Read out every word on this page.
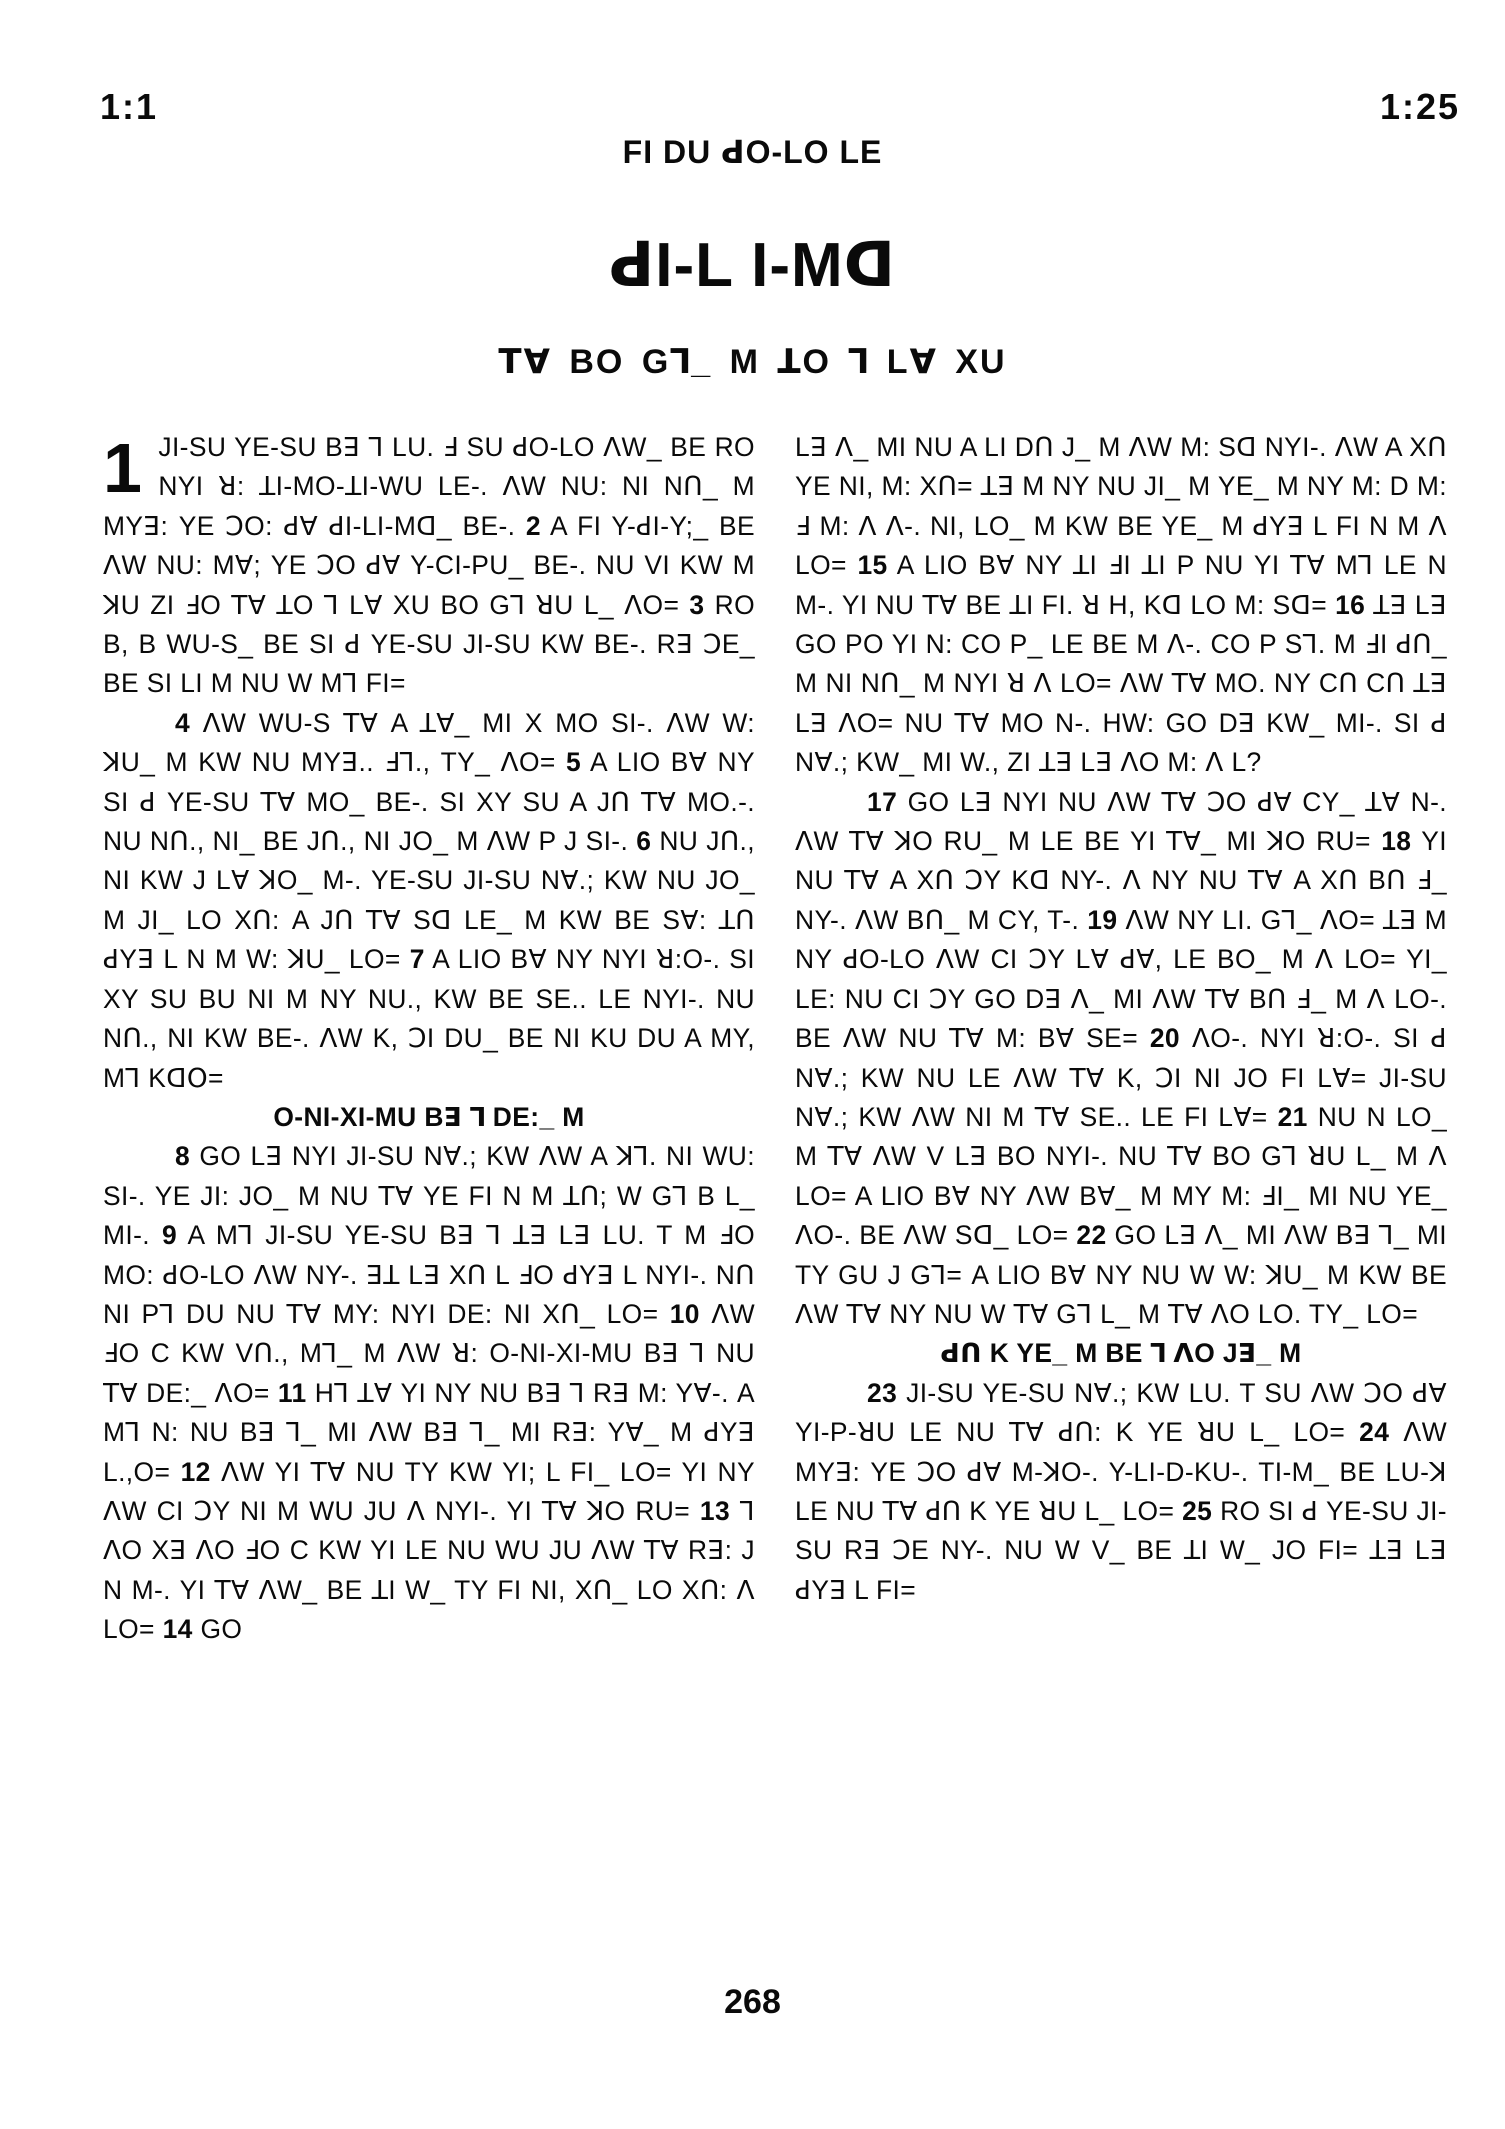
1:1	1:25
FI DU ꓒO-LO LE
ꓒI-L I-Mꓷ
ꓔꓯ BO Gꓶ_ M ꓕO ꓶ Lꓯ XU

1 JI-SU YE-SU Bꓱ ꓶ LU. ꓞ SU ꓒO-LO ꓥW_ BE RO NYI ꓤ: ꓕI-MO-ꓕI-WU LE-. ꓥW NU: NI Nꓵ_ M MYꓱ: YE ꓛO: ꓒꓯ ꓒI-LI-Mꓷ_ BE-. 2 A FI Y-ꓒI-Y;_ BE ꓥW NU: Mꓯ; YE ꓛO ꓒꓯ Y-CI-PU_ BE-. NU VI KW M ꓘU ZI ꓞO ꓔꓯ ꓕO ꓶ Lꓯ XU BO Gꓶ ꓤU L_ ꓥO= 3 RO B, B WU-S_ BE SI ꓒ YE-SU JI-SU KW BE-. Rꓱ ꓛE_ BE SI LI M NU W Mꓶ FI=

4 ꓥW WU-S ꓔꓯ A ꓕꓯ_ MI X MO SI-. ꓥW W: ꓘU_ M KW NU MYꓱ.. ꓞꓶ., TY_ ꓥO= 5 A LIO Bꓯ NY SI ꓒ YE-SU ꓔꓯ MO_ BE-. SI XY SU A Jꓵ ꓔꓯ MO.-. NU Nꓵ., NI_ BE Jꓵ., NI JO_ M ꓥW P J SI-. 6 NU Jꓵ., NI KW J Lꓯ ꓘO_ M-. YE-SU JI-SU Nꓯ.; KW NU JO_ M JI_ LO Xꓵ: A Jꓵ ꓔꓯ Sꓷ LE_ M KW BE Sꓯ: ꓕꓵ ꓒYꓱ L N M W: ꓘU_ LO= 7 A LIO Bꓯ NY NYI ꓤ:O-. SI XY SU BU NI M NY NU., KW BE SE.. LE NYI-. NU Nꓵ., NI KW BE-. ꓥW K, ꓛI DU_ BE NI KU DU A MY, Mꓶ Kꓷꓳ=

O-NI-XI-MU Bꓱ ꓶ DE:_ M

8 GO Lꓱ NYI JI-SU Nꓯ.; KW ꓥW A ꓘꓶ. NI WU: SI-. YE JI: JO_ M NU ꓔꓯ YE FI N M ꓕꓵ; W Gꓶ B L_ MI-. 9 A Mꓶ JI-SU YE-SU Bꓱ ꓶ ꓕꓱ Lꓱ LU. T M ꓞO MO: ꓒO-LO ꓥW NY-. ꓱꓕ Lꓱ Xꓵ L ꓞO ꓒYꓱ L NYI-. Nꓵ NI Pꓶ DU NU ꓔꓯ MY: NYI DE: NI Xꓵ_ LO= 10 ꓥW ꓞO C KW Vꓵ., Mꓶ_ M ꓥW ꓤ: O-NI-XI-MU Bꓱ ꓶ NU ꓔꓯ DE:_ ꓥO= 11 Hꓶ ꓕꓯ YI NY NU Bꓱ ꓶ Rꓱ M: Yꓯ-. A Mꓶ N: NU Bꓱ ꓶ_ MI ꓥW Bꓱ ꓶ_ MI Rꓱ: Yꓯ_ M ꓒYꓱ L.,O= 12 ꓥW YI ꓔꓯ NU TY KW YI; L FI_ LO= YI NY ꓥW CI ꓛY NI M WU JU ꓥ NYI-. YI ꓔꓯ ꓘO RU= 13 ꓶ ꓥO Xꓱ ꓥO ꓞO C KW YI LE NU WU JU ꓥW ꓔꓯ Rꓱ: J N M-. YI ꓔꓯ ꓥW_ BE ꓕI W_ TY FI NI, Xꓵ_ LO Xꓵ: ꓥ LO= 14 GO

Lꓱ ꓥ_ MI NU A LI Dꓵ J_ M ꓥW M: Sꓷ NYI-. ꓥW A Xꓵ YE NI, M: Xꓵ= ꓕꓱ M NY NU JI_ M YE_ M NY M: D M: ꓞ M: ꓥ ꓥ-. NI, LO_ M KW BE YE_ M ꓒYꓱ L FI N M ꓥ LO= 15 A LIO Bꓯ NY ꓕI ꓞI ꓕI P NU YI ꓔꓯ Mꓶ LE N M-. YI NU ꓔꓯ BE ꓕI FI. ꓤ H, Kꓷ LO M: Sꓷ= 16 ꓕꓱ Lꓱ GO PO YI N: CO P_ LE BE M ꓥ-. CO P Sꓶ. M ꓞI ꓒꓵ_ M NI Nꓵ_ M NYI ꓤ ꓥ LO= ꓥW ꓔꓯ MO. NY Cꓵ Cꓵ ꓕꓱ Lꓱ ꓥO= NU ꓔꓯ MO N-. HW: GO Dꓱ KW_ MI-. SI ꓒ Nꓯ.; KW_ MI W., ZI ꓕꓱ Lꓱ ꓥO M: ꓥ L?

17 GO Lꓱ NYI NU ꓥW ꓔꓯ ꓛO ꓒꓯ CY_ ꓕꓯ N-. ꓥW ꓔꓯ ꓘO RU_ M LE BE YI ꓔꓯ_ MI ꓘO RU= 18 YI NU ꓔꓯ A Xꓵ ꓛY Kꓷ NY-. ꓥ NY NU ꓔꓯ A Xꓵ Bꓵ ꓞ_ NY-. ꓥW Bꓵ_ M CY, T-. 19 ꓥW NY LI. Gꓶ_ ꓥO= ꓕꓱ M NY ꓒO-LO ꓥW CI ꓛY Lꓯ ꓒꓯ, LE BO_ M ꓥ LO= YI_ LE: NU CI ꓛY GO Dꓱ ꓥ_ MI ꓥW ꓔꓯ Bꓵ ꓞ_ M ꓥ LO-. BE ꓥW NU ꓔꓯ M: Bꓯ SE= 20 ꓥO-. NYI ꓤ:O-. SI ꓒ Nꓯ.; KW NU LE ꓥW ꓔꓯ K, ꓛI NI JO FI Lꓯ= JI-SU Nꓯ.; KW ꓥW NI M ꓔꓯ SE.. LE FI Lꓯ= 21 NU N LO_ M ꓔꓯ ꓥW V Lꓱ BO NYI-. NU ꓔꓯ BO Gꓶ ꓤU L_ M ꓥ LO= A LIO Bꓯ NY ꓥW Bꓯ_ M MY M: ꓞI_ MI NU YE_ ꓥO-. BE ꓥW Sꓷ_ LO= 22 GO Lꓱ ꓥ_ MI ꓥW Bꓱ ꓶ_ MI TY GU J Gꓶ= A LIO Bꓯ NY NU W W: ꓘU_ M KW BE ꓥW ꓔꓯ NY NU W ꓔꓯ Gꓶ L_ M ꓔꓯ ꓥO LO. TY_ LO=

ꓒꓵ K YE_ M BE ꓶ ꓥO Jꓱ_ M

23 JI-SU YE-SU Nꓯ.; KW LU. T SU ꓥW ꓛO ꓒꓯ YI-P-ꓤU LE NU ꓔꓯ ꓒꓵ: K YE ꓤU L_ LO= 24 ꓥW MYꓱ: YE ꓛO ꓒꓯ M-ꓘO-. Y-LI-D-KU-. TI-M_ BE LU-ꓘ LE NU ꓔꓯ ꓒꓵ K YE ꓤU L_ LO= 25 RO SI ꓒ YE-SU JI-SU Rꓱ ꓛE NY-. NU W V_ BE ꓕI W_ JO FI= ꓕꓱ Lꓱ ꓒYꓱ L FI=

268
